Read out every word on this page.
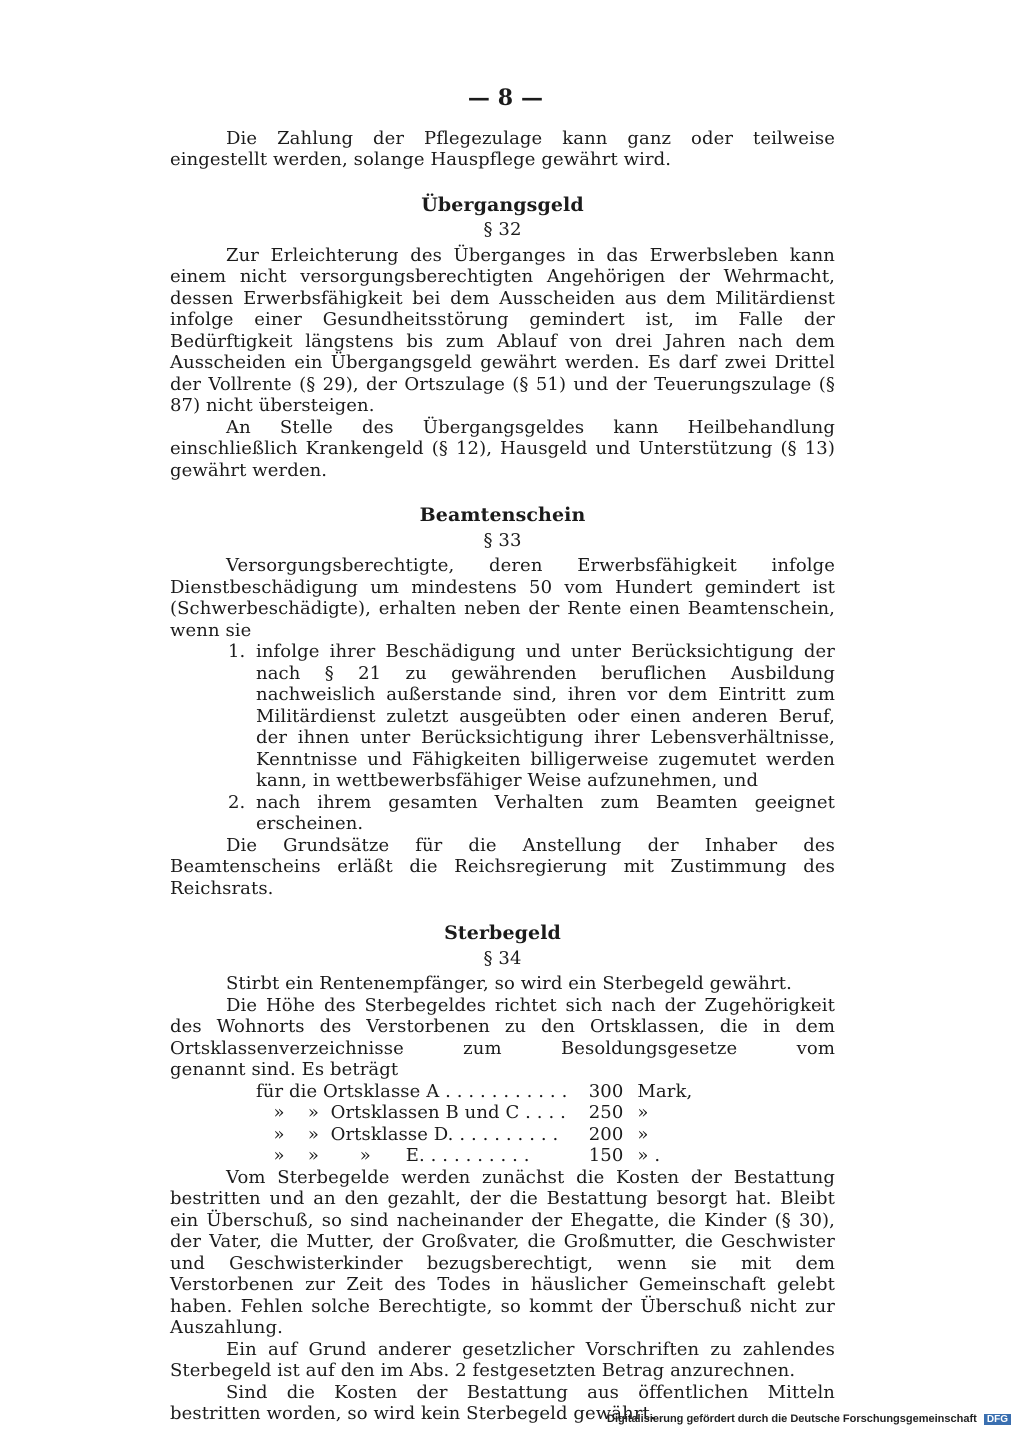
— 8 —

Die Zahlung der Pflegezulage kann ganz oder teilweise eingestellt werden, solange Hauspflege gewährt wird.

Übergangsgeld
§ 32

Zur Erleichterung des Überganges in das Erwerbsleben kann einem nicht versorgungsberechtigten Angehörigen der Wehrmacht, dessen Erwerbsfähigkeit bei dem Ausscheiden aus dem Militärdienst infolge einer Gesundheitsstörung gemindert ist, im Falle der Bedürftigkeit längstens bis zum Ablauf von drei Jahren nach dem Ausscheiden ein Übergangsgeld gewährt werden. Es darf zwei Drittel der Vollrente (§ 29), der Ortszulage (§ 51) und der Teuerungszulage (§ 87) nicht übersteigen.

An Stelle des Übergangsgeldes kann Heilbehandlung einschließlich Krankengeld (§ 12), Hausgeld und Unterstützung (§ 13) gewährt werden.

Beamtenschein
§ 33

Versorgungsberechtigte, deren Erwerbsfähigkeit infolge Dienstbeschädigung um mindestens 50 vom Hundert gemindert ist (Schwerbeschädigte), erhalten neben der Rente einen Beamtenschein, wenn sie

1. infolge ihrer Beschädigung und unter Berücksichtigung der nach § 21 zu gewährenden beruflichen Ausbildung nachweislich außerstande sind, ihren vor dem Eintritt zum Militärdienst zuletzt ausgeübten oder einen anderen Beruf, der ihnen unter Berücksichtigung ihrer Lebensverhältnisse, Kenntnisse und Fähigkeiten billigerweise zugemutet werden kann, in wettbewerbsfähiger Weise aufzunehmen, und
2. nach ihrem gesamten Verhalten zum Beamten geeignet erscheinen.

Die Grundsätze für die Anstellung der Inhaber des Beamtenscheins erläßt die Reichsregierung mit Zustimmung des Reichsrats.

Sterbegeld
§ 34

Stirbt ein Rentenempfänger, so wird ein Sterbegeld gewährt.

Die Höhe des Sterbegeldes richtet sich nach der Zugehörigkeit des Wohnorts des Verstorbenen zu den Ortsklassen, die in dem Ortsklassenverzeichnisse zum Besoldungsgesetze vom                          genannt sind. Es beträgt

für die Ortsklasse A . . . . . . . . . . .	300	Mark,
»    »  Ortsklassen B und C . . . .	250	»
»    »  Ortsklasse D. . . . . . . . . .	200	»
»    »       »      E. . . . . . . . . .	150	» .

Vom Sterbegelde werden zunächst die Kosten der Bestattung bestritten und an den gezahlt, der die Bestattung besorgt hat. Bleibt ein Überschuß, so sind nacheinander der Ehegatte, die Kinder (§ 30), der Vater, die Mutter, der Großvater, die Großmutter, die Geschwister und Geschwisterkinder bezugsberechtigt, wenn sie mit dem Verstorbenen zur Zeit des Todes in häuslicher Gemeinschaft gelebt haben. Fehlen solche Berechtigte, so kommt der Überschuß nicht zur Auszahlung.

Ein auf Grund anderer gesetzlicher Vorschriften zu zahlendes Sterbegeld ist auf den im Abs. 2 festgesetzten Betrag anzurechnen.

Sind die Kosten der Bestattung aus öffentlichen Mitteln bestritten worden, so wird kein Sterbegeld gewährt.

Digitalisierung gefördert durch die Deutsche Forschungsgemeinschaft DFG
